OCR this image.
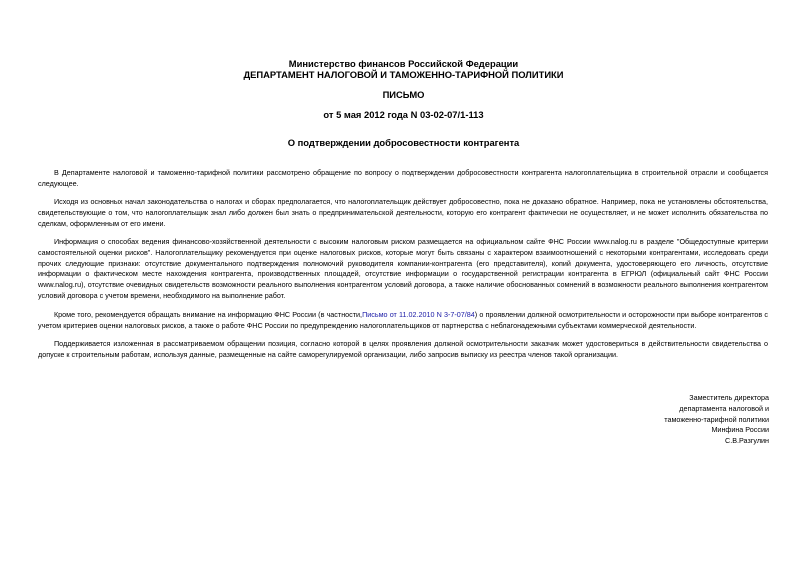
Министерство финансов Российской Федерации
ДЕПАРТАМЕНТ НАЛОГОВОЙ И ТАМОЖЕННО-ТАРИФНОЙ ПОЛИТИКИ
ПИСЬМО
от 5 мая 2012 года N 03-02-07/1-113
О подтверждении добросовестности контрагента

В Департаменте налоговой и таможенно-тарифной политики рассмотрено обращение по вопросу о подтверждении добросовестности контрагента налогоплательщика в строительной отрасли и сообщается следующее.

Исходя из основных начал законодательства о налогах и сборах предполагается, что налогоплательщик действует добросовестно, пока не доказано обратное. Например, пока не установлены обстоятельства, свидетельствующие о том, что налогоплательщик знал либо должен был знать о предпринимательской деятельности, которую его контрагент фактически не осуществляет, и не может исполнить обязательства по сделкам, оформленным от его имени.

Информация о способах ведения финансово-хозяйственной деятельности с высоким налоговым риском размещается на официальном сайте ФНС России www.nalog.ru в разделе "Общедоступные критерии самостоятельной оценки рисков". Налогоплательщику рекомендуется при оценке налоговых рисков, которые могут быть связаны с характером взаимоотношений с некоторыми контрагентами, исследовать среди прочих следующие признаки: отсутствие документального подтверждения полномочий руководителя компании-контрагента (его представителя), копий документа, удостоверяющего его личность, отсутствие информации о фактическом месте нахождения контрагента, производственных площадей, отсутствие информации о государственной регистрации контрагента в ЕГРЮЛ (официальный сайт ФНС России www.nalog.ru), отсутствие очевидных свидетельств возможности реального выполнения контрагентом условий договора, а также наличие обоснованных сомнений в возможности реального выполнения контрагентом условий договора с учетом времени, необходимого на выполнение работ.

Кроме того, рекомендуется обращать внимание на информацию ФНС России (в частности,Письмо от 11.02.2010 N 3-7-07/84) о проявлении должной осмотрительности и осторожности при выборе контрагентов с учетом критериев оценки налоговых рисков, а также о работе ФНС России по предупреждению налогоплательщиков от партнерства с неблагонадежными субъектами коммерческой деятельности.

Поддерживается изложенная в рассматриваемом обращении позиция, согласно которой в целях проявления должной осмотрительности заказчик может удостовериться в действительности свидетельства о допуске к строительным работам, используя данные, размещенные на сайте саморегулируемой организации, либо запросив выписку из реестра членов такой организации.

Заместитель директора
департамента налоговой и
таможенно-тарифной политики
Минфина России
С.В.Разгулин
